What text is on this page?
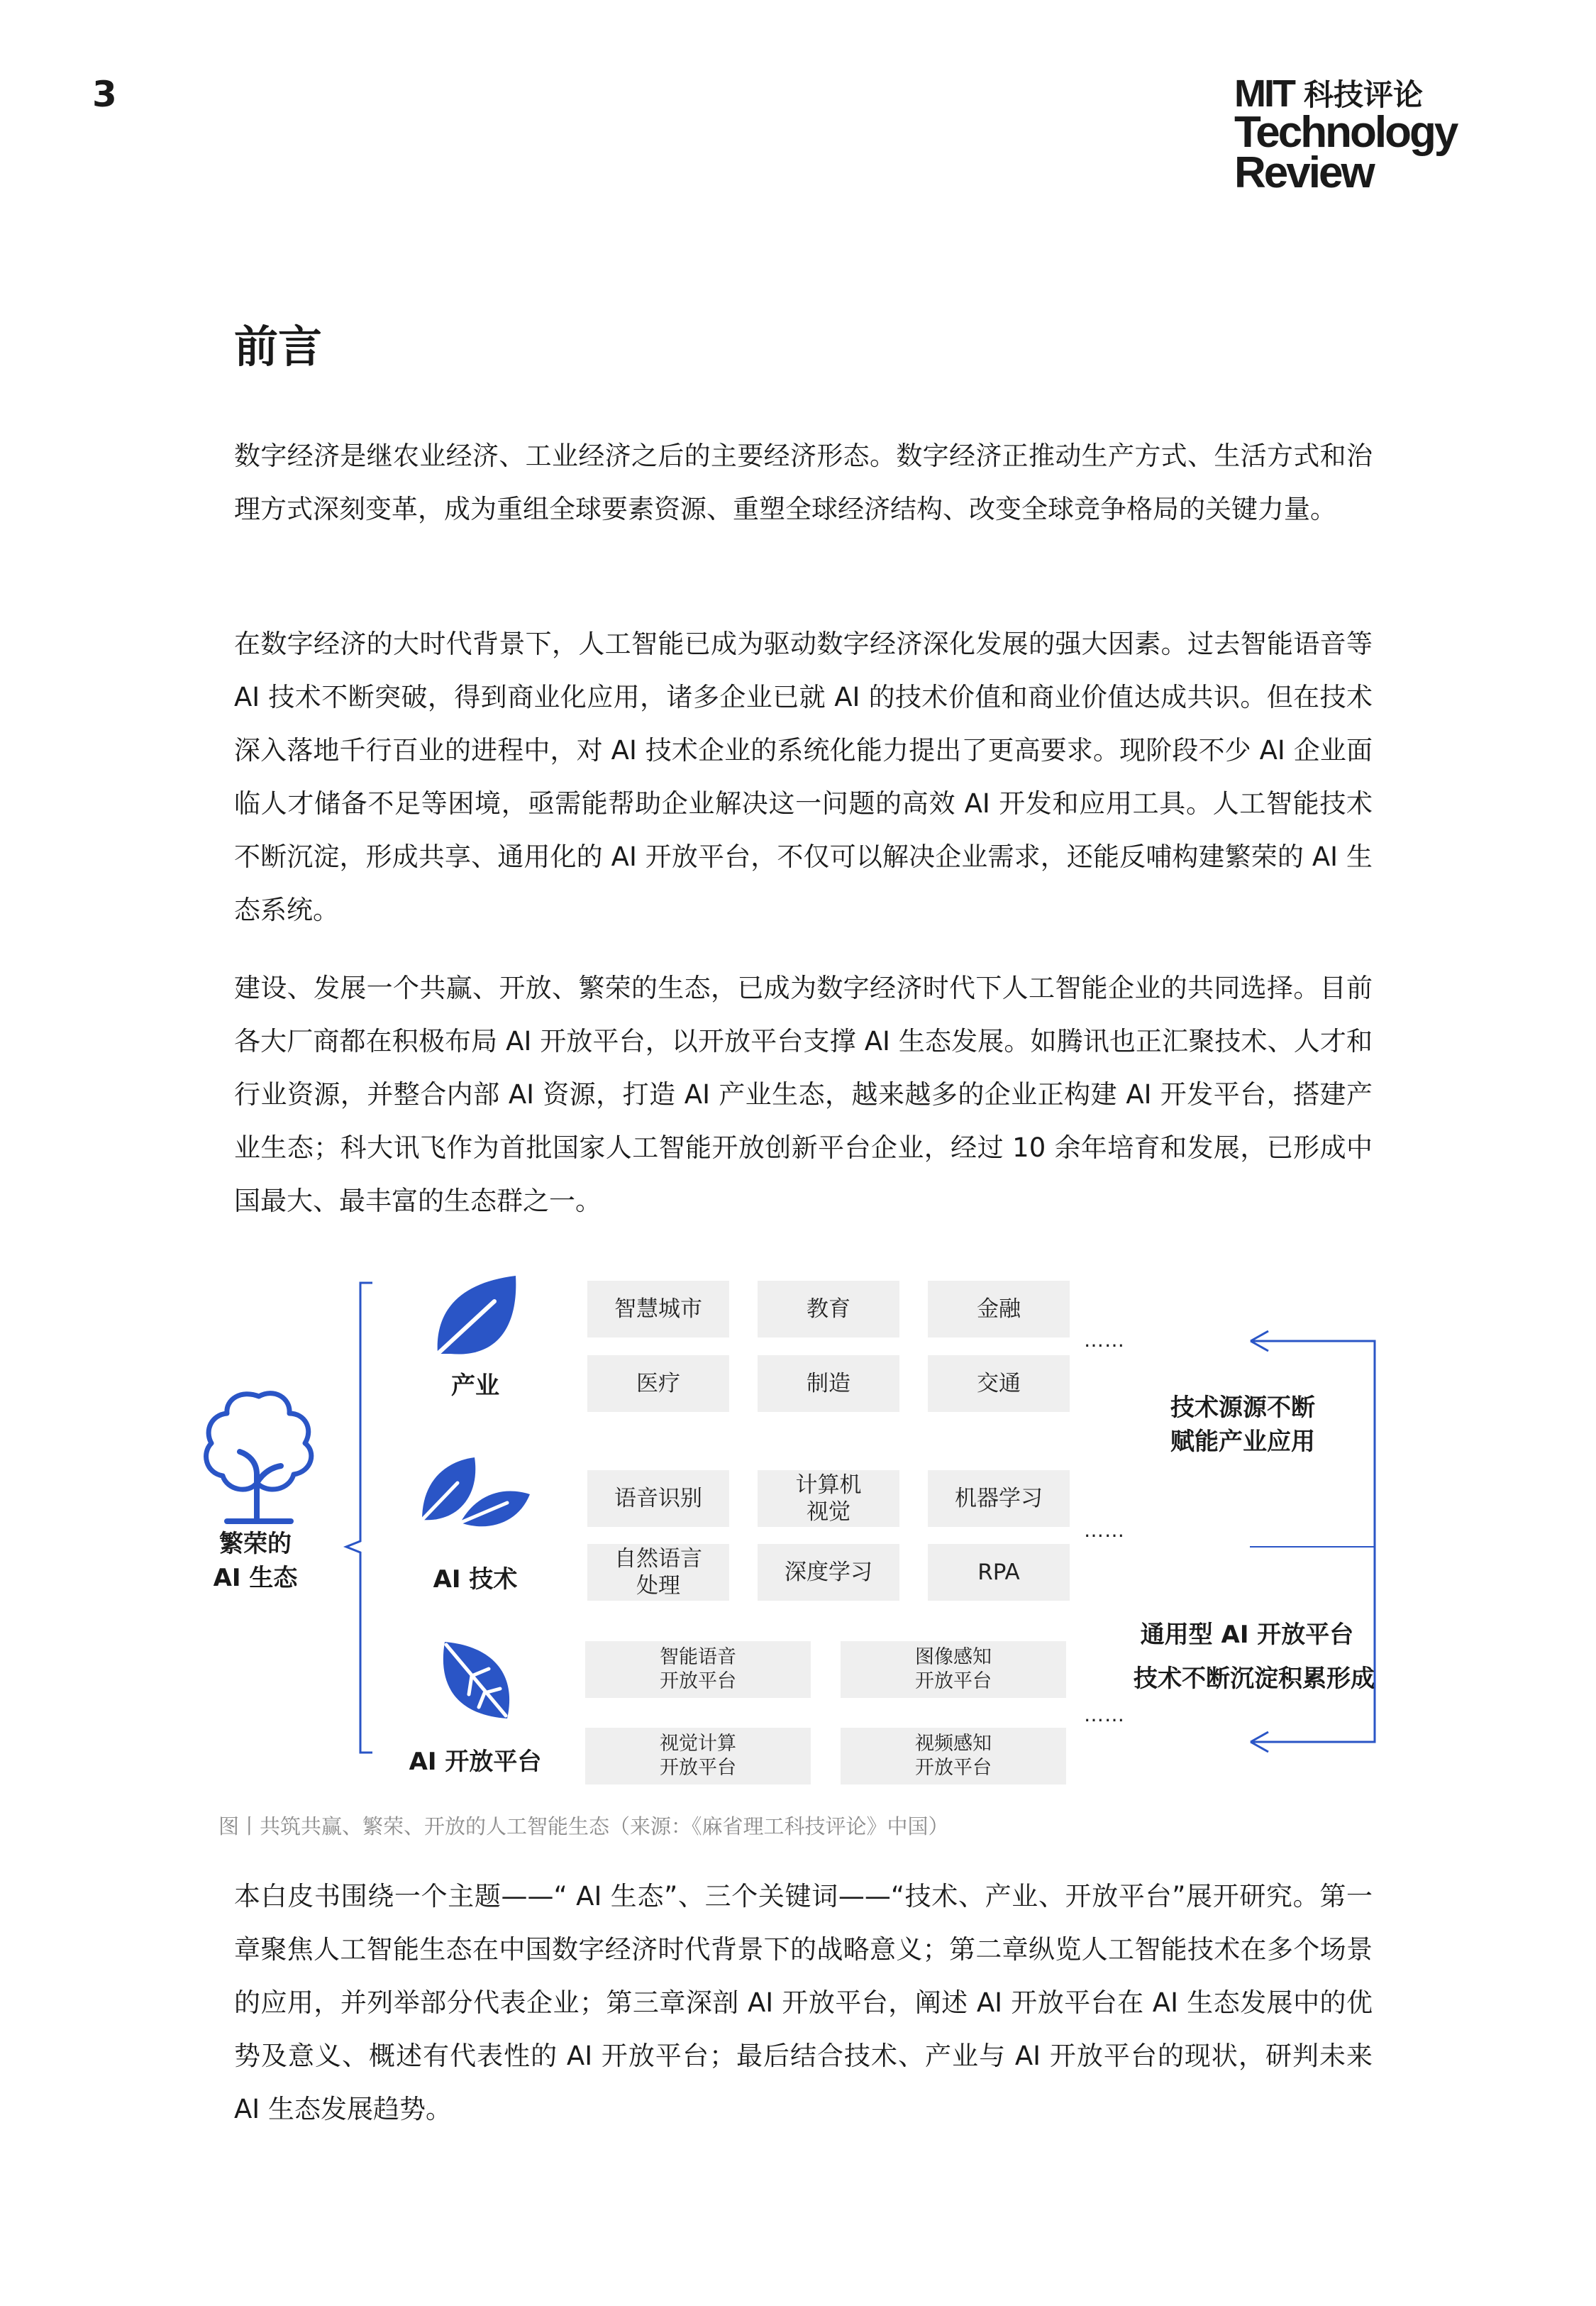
3	MIT 科技评论
Technology
Review
前言

数字经济是继农业经济、工业经济之后的主要经济形态。数字经济正推动生产方式、生活方式和治理方式深刻变革，成为重组全球要素资源、重塑全球经济结构、改变全球竞争格局的关键力量。

在数字经济的大时代背景下，人工智能已成为驱动数字经济深化发展的强大因素。过去智能语音等 AI 技术不断突破，得到商业化应用，诸多企业已就 AI 的技术价值和商业价值达成共识。但在技术深入落地千行百业的进程中，对 AI 技术企业的系统化能力提出了更高要求。现阶段不少 AI 企业面临人才储备不足等困境，亟需能帮助企业解决这一问题的高效 AI 开发和应用工具。人工智能技术不断沉淀，形成共享、通用化的 AI 开放平台，不仅可以解决企业需求，还能反哺构建繁荣的 AI 生态系统。

建设、发展一个共赢、开放、繁荣的生态，已成为数字经济时代下人工智能企业的共同选择。目前各大厂商都在积极布局 AI 开放平台，以开放平台支撑 AI 生态发展。如腾讯也正汇聚技术、人才和行业资源，并整合内部 AI 资源，打造 AI 产业生态，越来越多的企业正构建 AI 开发平台，搭建产业生态；科大讯飞作为首批国家人工智能开放创新平台企业，经过 10 余年培育和发展，已形成中国最大、最丰富的生态群之一。

繁荣的
AI 生态
产业
智慧城市	教育	金融
医疗	制造	交通
……
AI 技术
语音识别
计算机
视觉
机器学习
自然语言
处理
深度学习	RPA
……
AI 开放平台
智能语音
开放平台
图像感知
开放平台
视觉计算
开放平台
视频感知
开放平台
……
技术源源不断
赋能产业应用
通用型 AI 开放平台
技术不断沉淀积累形成

图丨共筑共赢、繁荣、开放的人工智能生态（来源：《麻省理工科技评论》中国）

本白皮书围绕一个主题——“ AI 生态”、三个关键词——“技术、产业、开放平台”展开研究。第一章聚焦人工智能生态在中国数字经济时代背景下的战略意义；第二章纵览人工智能技术在多个场景的应用，并列举部分代表企业；第三章深剖 AI 开放平台，阐述 AI 开放平台在 AI 生态发展中的优势及意义、概述有代表性的 AI 开放平台；最后结合技术、产业与 AI 开放平台的现状，研判未来 AI 生态发展趋势。
